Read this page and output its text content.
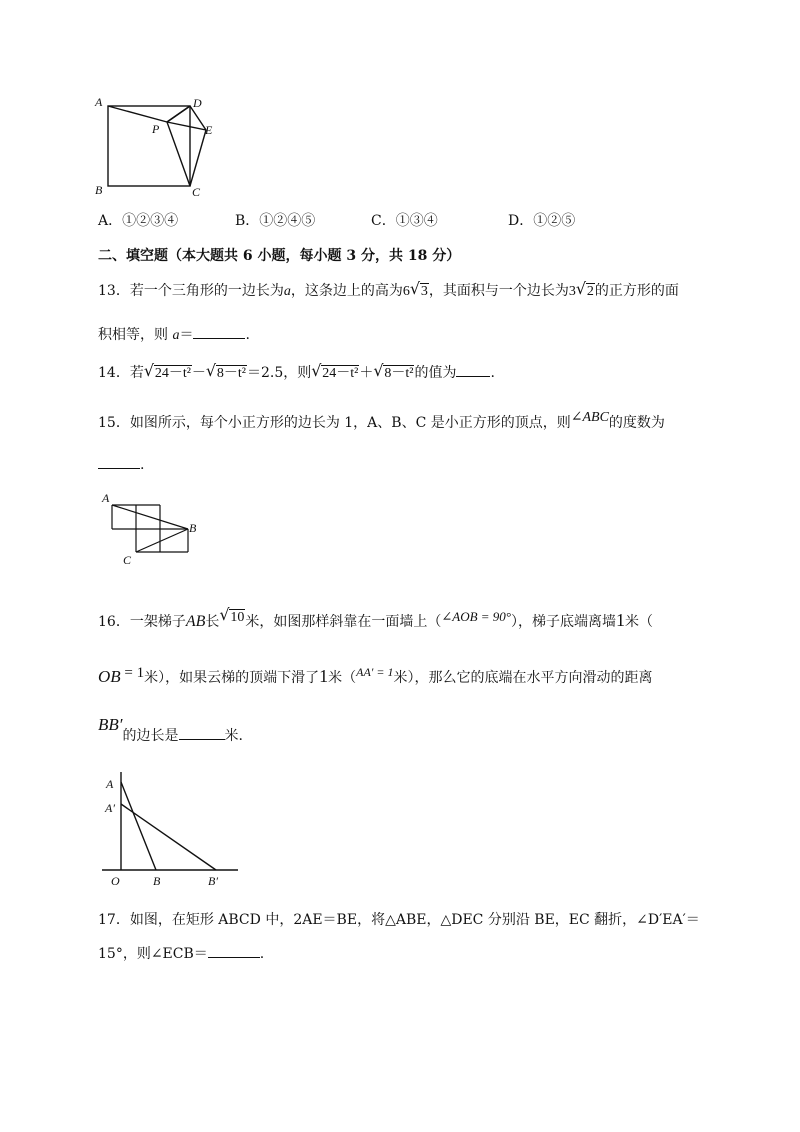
A
B	C
D
E
P
A．①②③④	B．①②④⑤	C．①③④	D．①②⑤
二、填空题（本大题共 6 小题，每小题 3 分，共 18 分）
13．若一个三角形的一边长为a，这条边上的高为6 √ 3，其面积与一个边长为3 √ 2的正方形的面
积相等，则 a＝	.
14．若 √ 24－t²－ √ 8－t²＝2.5，则 √ 24－t²＋ √ 8－t²的值为 .
15．如图所示，每个小正方形的边长为 1，A、B、C 是小正方形的顶点，则∠ABC的度数为
.
A
B
C
16．一架梯子AB长 √ 10米，如图那样斜靠在一面墙上（∠AOB = 90°），梯子底端离墙1米（
OB = 1米），如果云梯的顶端下滑了1米（AA′ = 1米），那么它的底端在水平方向滑动的距离
BB′的边长是	米.
A
A′
O	B	B′
17．如图，在矩形 ABCD 中，2AE＝BE，将△ABE，△DEC 分别沿 BE，EC 翻折，∠D′EA′＝
15°，则∠ECB＝	.
